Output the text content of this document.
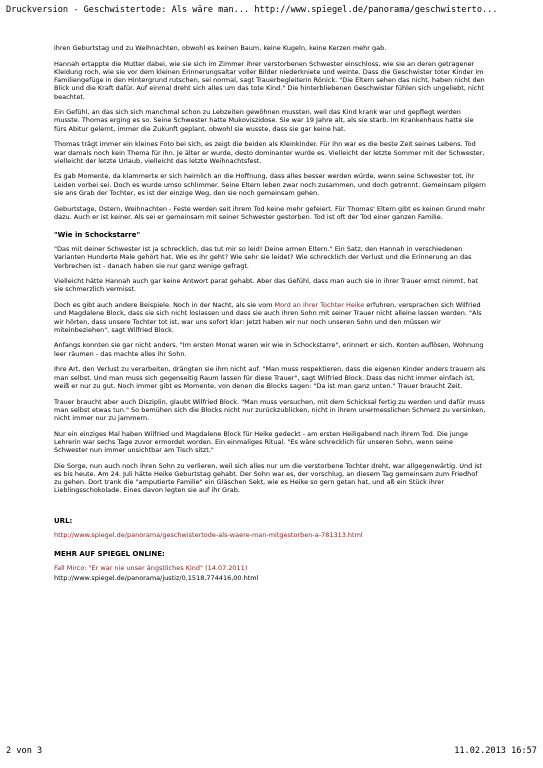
Druckversion - Geschwistertode: Als wäre man... http://www.spiegel.de/panorama/geschwisterto...

ihren Geburtstag und zu Weihnachten, obwohl es keinen Baum, keine Kugeln, keine Kerzen mehr gab.

Hannah ertappte die Mutter dabei, wie sie sich im Zimmer ihrer verstorbenen Schwester einschloss, wie sie an deren getragener Kleidung roch, wie sie vor dem kleinen Erinnerungsaltar voller Bilder niederkniete und weinte. Dass die Geschwister toter Kinder im Familiengefüge in den Hintergrund rutschen, sei normal, sagt Trauerbegleiterin Rönick. "Die Eltern sehen das nicht, haben nicht den Blick und die Kraft dafür. Auf einmal dreht sich alles um das tote Kind." Die hinterbliebenen Geschwister fühlen sich ungeliebt, nicht beachtet.

Ein Gefühl, an das sich sich manchmal schon zu Lebzeiten gewöhnen mussten, weil das Kind krank war und gepflegt werden musste. Thomas erging es so. Seine Schwester hatte Mukoviszidose. Sie war 19 Jahre alt, als sie starb. Im Krankenhaus hatte sie fürs Abitur gelernt, immer die Zukunft geplant, obwohl sie wusste, dass sie gar keine hat.

Thomas trägt immer ein kleines Foto bei sich, es zeigt die beiden als Kleinkinder. Für ihn war es die beste Zeit seines Lebens. Tod war damals noch kein Thema für ihn. Je älter er wurde, desto dominanter wurde es. Vielleicht der letzte Sommer mit der Schwester, vielleicht der letzte Urlaub, vielleicht das letzte Weihnachtsfest.

Es gab Momente, da klammerte er sich heimlich an die Hoffnung, dass alles besser werden würde, wenn seine Schwester tot, ihr Leiden vorbei sei. Doch es wurde umso schlimmer. Seine Eltern leben zwar noch zusammen, und doch getrennt. Gemeinsam pilgern sie ans Grab der Tochter, es ist der einzige Weg, den sie noch gemeinsam gehen.

Geburtstage, Ostern, Weihnachten - Feste werden seit ihrem Tod keine mehr gefeiert. Für Thomas' Eltern gibt es keinen Grund mehr dazu. Auch er ist keiner. Als sei er gemeinsam mit seiner Schwester gestorben. Tod ist oft der Tod einer ganzen Familie.

"Wie in Schockstarre"

"Das mit deiner Schwester ist ja schrecklich, das tut mir so leid! Deine armen Eltern." Ein Satz, den Hannah in verschiedenen Varianten Hunderte Male gehört hat. Wie es ihr geht? Wie sehr sie leidet? Wie schrecklich der Verlust und die Erinnerung an das Verbrechen ist - danach haben sie nur ganz wenige gefragt.

Vielleicht hätte Hannah auch gar keine Antwort parat gehabt. Aber das Gefühl, dass man auch sie in ihrer Trauer ernst nimmt, hat sie schmerzlich vermisst.

Doch es gibt auch andere Beispiele. Noch in der Nacht, als sie vom Mord an ihrer Tochter Heike erfuhren, versprachen sich Wilfried und Magdalene Block, dass sie sich nicht loslassen und dass sie auch ihren Sohn mit seiner Trauer nicht alleine lassen werden. "Als wir hörten, dass unsere Tochter tot ist, war uns sofort klar: Jetzt haben wir nur noch unseren Sohn und den müssen wir miteinbeziehen", sagt Wilfried Block.

Anfangs konnten sie gar nicht anders. "Im ersten Monat waren wir wie in Schockstarre", erinnert er sich. Konten auflösen, Wohnung leer räumen - das machte alles ihr Sohn.

Ihre Art, den Verlust zu verarbeiten, drängten sie ihm nicht auf. "Man muss respektieren, dass die eigenen Kinder anders trauern als man selbst. Und man muss sich gegenseitig Raum lassen für diese Trauer", sagt Wilfried Block. Dass das nicht immer einfach ist, weiß er nur zu gut. Noch immer gibt es Momente, von denen die Blocks sagen: "Da ist man ganz unten." Trauer braucht Zeit.

Trauer braucht aber auch Disziplin, glaubt Wilfried Block. "Man muss versuchen, mit dem Schicksal fertig zu werden und dafür muss man selbst etwas tun." So bemühen sich die Blocks nicht nur zurückzublicken, nicht in ihrem unermesslichen Schmerz zu versinken, nicht immer nur zu jammern.

Nur ein einziges Mal haben Wilfried und Magdalene Block für Heike gedeckt - am ersten Heiligabend nach ihrem Tod. Die junge Lehrerin war sechs Tage zuvor ermordet worden. Ein einmaliges Ritual. "Es wäre schrecklich für unseren Sohn, wenn seine Schwester nun immer unsichtbar am Tisch sitzt."

Die Sorge, nun auch noch ihren Sohn zu verlieren, weil sich alles nur um die verstorbene Tochter dreht, war allgegenwärtig. Und ist es bis heute. Am 24. Juli hätte Heike Geburtstag gehabt. Der Sohn war es, der vorschlug, an diesem Tag gemeinsam zum Friedhof zu gehen. Dort trank die "amputierte Familie" ein Gläschen Sekt, wie es Heike so gern getan hat, und aß ein Stück ihrer Lieblingsschokolade. Eines davon legten sie auf ihr Grab.

URL:

http://www.spiegel.de/panorama/geschwistertode-als-waere-man-mitgestorben-a-781313.html

MEHR AUF SPIEGEL ONLINE:

Fall Mirco: "Er war nie unser ängstliches Kind" (14.07.2011)

http://www.spiegel.de/panorama/justiz/0,1518,774416,00.html

2 von 3	11.02.2013 16:57
